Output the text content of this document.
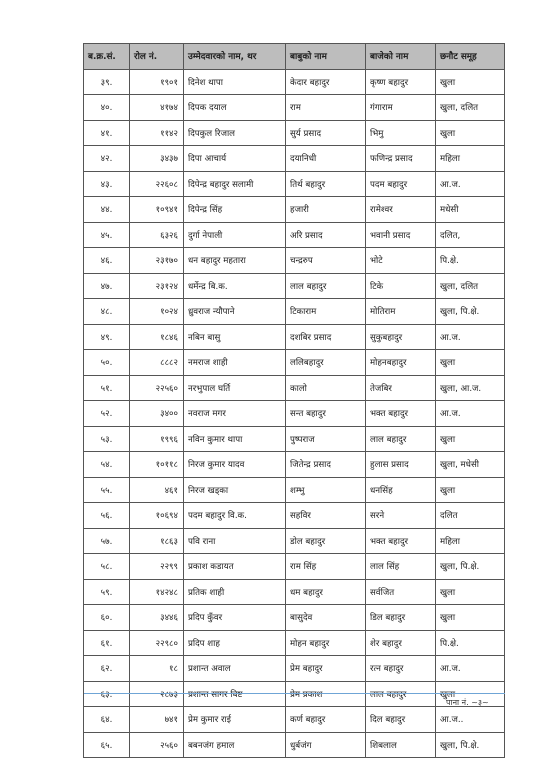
ब.क्र.सं.	रोल नं.	उम्मेदवारको नाम, थर	बाबुको नाम	बाजेको नाम	छनौट समूह
३९.	१९०१	दिनेश थापा	केदार बहादुर	कृष्ण बहादुर	खुला
४०.	४१७४	दिपक दयाल	राम	गंगाराम	खुला, दलित
४१.	११४२	दिपकुल रिजाल	सुर्य प्रसाद	भिमु	खुला
४२.	३४३७	दिपा आचार्य	दयानिधी	फणिन्द्र प्रसाद	महिला
४३.	२२६०८	दिपेन्द्र बहादुर सलामी	तिर्थ बहादुर	पदम बहादुर	आ.ज.
४४.	१०९४१	दिपेन्द्र सिंह	हजारी	रामेश्वर	मधेसी
४५.	६३२६	दुर्गा नेपाली	अरि प्रसाद	भवानी प्रसाद	दलित,
४६.	२३१७०	धन बहादुर महतारा	चन्द्ररुप	भोटे	पि.क्षे.
४७.	२३१२४	धर्मेन्द्र बि.क.	लाल बहादुर	टिके	खुला, दलित
४८.	१०२४	ध्रुवराज न्यौपाने	टिकाराम	मोतिराम	खुला, पि.क्षे.
४९.	१८४६	नबिन बासु	दशबिर प्रसाद	सुकुबहादुर	आ.ज.
५०.	८८८२	नमराज शाही	ललिबहादुर	मोहनबहादुर	खुला
५१.	२२५६०	नरभुपाल घर्ति	कालो	तेजबिर	खुला, आ.ज.
५२.	३४००	नवराज मगर	सन्त बहादुर	भक्त बहादुर	आ.ज.
५३.	१९९६	नविन कुमार थापा	पुष्पराज	लाल बहादुर	खुला
५४.	१०११८	निरज कुमार यादव	जितेन्द्र प्रसाद	हुलास प्रसाद	खुला, मधेसी
५५.	४६१	निरज खड्का	शम्भु	धनसिंह	खुला
५६.	१०६९४	पदम बहादुर वि.क.	सहविर	सरने	दलित
५७.	१८६३	पवि राना	डोल बहादुर	भक्त बहादुर	महिला
५८.	२२९९	प्रकाश कडायत	राम सिंह	लाल सिंह	खुला, पि.क्षे.
५९.	१४२४८	प्रतिक शाही	धम बहादुर	सर्वजित	खुला
६०.	३४४६	प्रदिप कुँवर	बासुदेव	डिल बहादुर	खुला
६१.	२२९८०	प्रदिप शाह	मोहन बहादुर	शेर बहादुर	पि.क्षे.
६२.	१८	प्रशान्त अवाल	प्रेम बहादुर	रत्न बहादुर	आ.ज.
६३.	२८७३	प्रशान्त सागर बिष्ट	प्रेम प्रकाश	लाल बहादुर	खुला
६४.	७४१	प्रेम कुमार राई	कर्ण बहादुर	दिल बहादुर	आ.ज..
६५.	२५६०	बबनजंग हमाल	धुर्बजंग	शिबलाल	खुला, पि.क्षे.
पाना नं. ~३~
